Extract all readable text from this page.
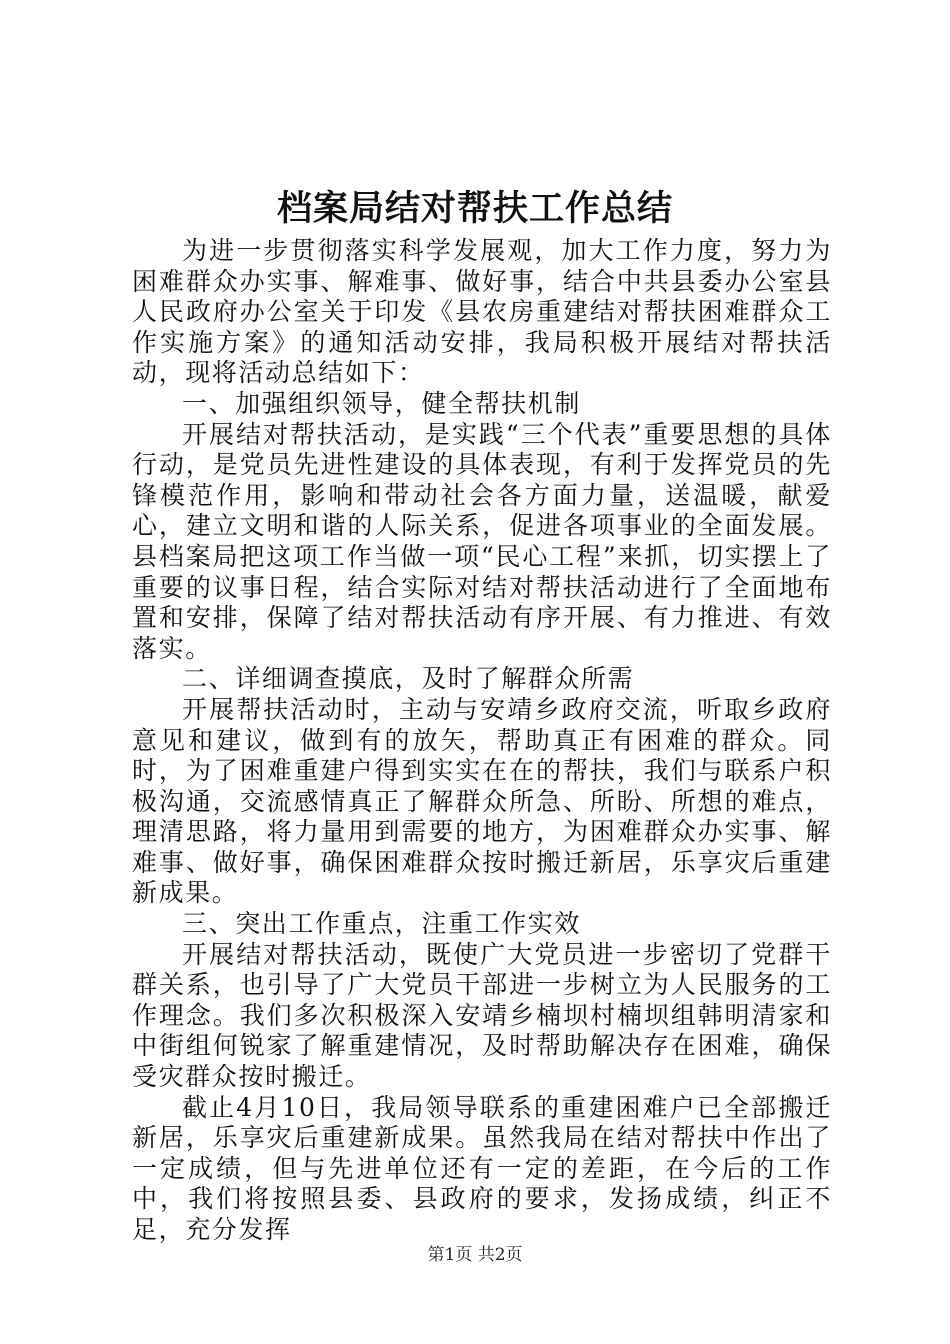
档案局结对帮扶工作总结

为进一步贯彻落实科学发展观，加大工作力度，努力为困难群众办实事、解难事、做好事，结合中共县委办公室县人民政府办公室关于印发《县农房重建结对帮扶困难群众工作实施方案》的通知活动安排，我局积极开展结对帮扶活动，现将活动总结如下：

一、加强组织领导，健全帮扶机制

开展结对帮扶活动，是实践“三个代表”重要思想的具体行动，是党员先进性建设的具体表现，有利于发挥党员的先锋模范作用，影响和带动社会各方面力量，送温暖，献爱心，建立文明和谐的人际关系，促进各项事业的全面发展。县档案局把这项工作当做一项“民心工程”来抓，切实摆上了重要的议事日程，结合实际对结对帮扶活动进行了全面地布置和安排，保障了结对帮扶活动有序开展、有力推进、有效落实。

二、详细调查摸底，及时了解群众所需

开展帮扶活动时，主动与安靖乡政府交流，听取乡政府意见和建议，做到有的放矢，帮助真正有困难的群众。同时，为了困难重建户得到实实在在的帮扶，我们与联系户积极沟通，交流感情真正了解群众所急、所盼、所想的难点，理清思路，将力量用到需要的地方，为困难群众办实事、解难事、做好事，确保困难群众按时搬迁新居，乐享灾后重建新成果。

三、突出工作重点，注重工作实效

开展结对帮扶活动，既使广大党员进一步密切了党群干群关系，也引导了广大党员干部进一步树立为人民服务的工作理念。我们多次积极深入安靖乡楠坝村楠坝组韩明清家和中街组何锐家了解重建情况，及时帮助解决存在困难，确保受灾群众按时搬迁。

截止4月10日，我局领导联系的重建困难户已全部搬迁新居，乐享灾后重建新成果。虽然我局在结对帮扶中作出了一定成绩，但与先进单位还有一定的差距，在今后的工作中，我们将按照县委、县政府的要求，发扬成绩，纠正不足，充分发挥

第1页 共2页
